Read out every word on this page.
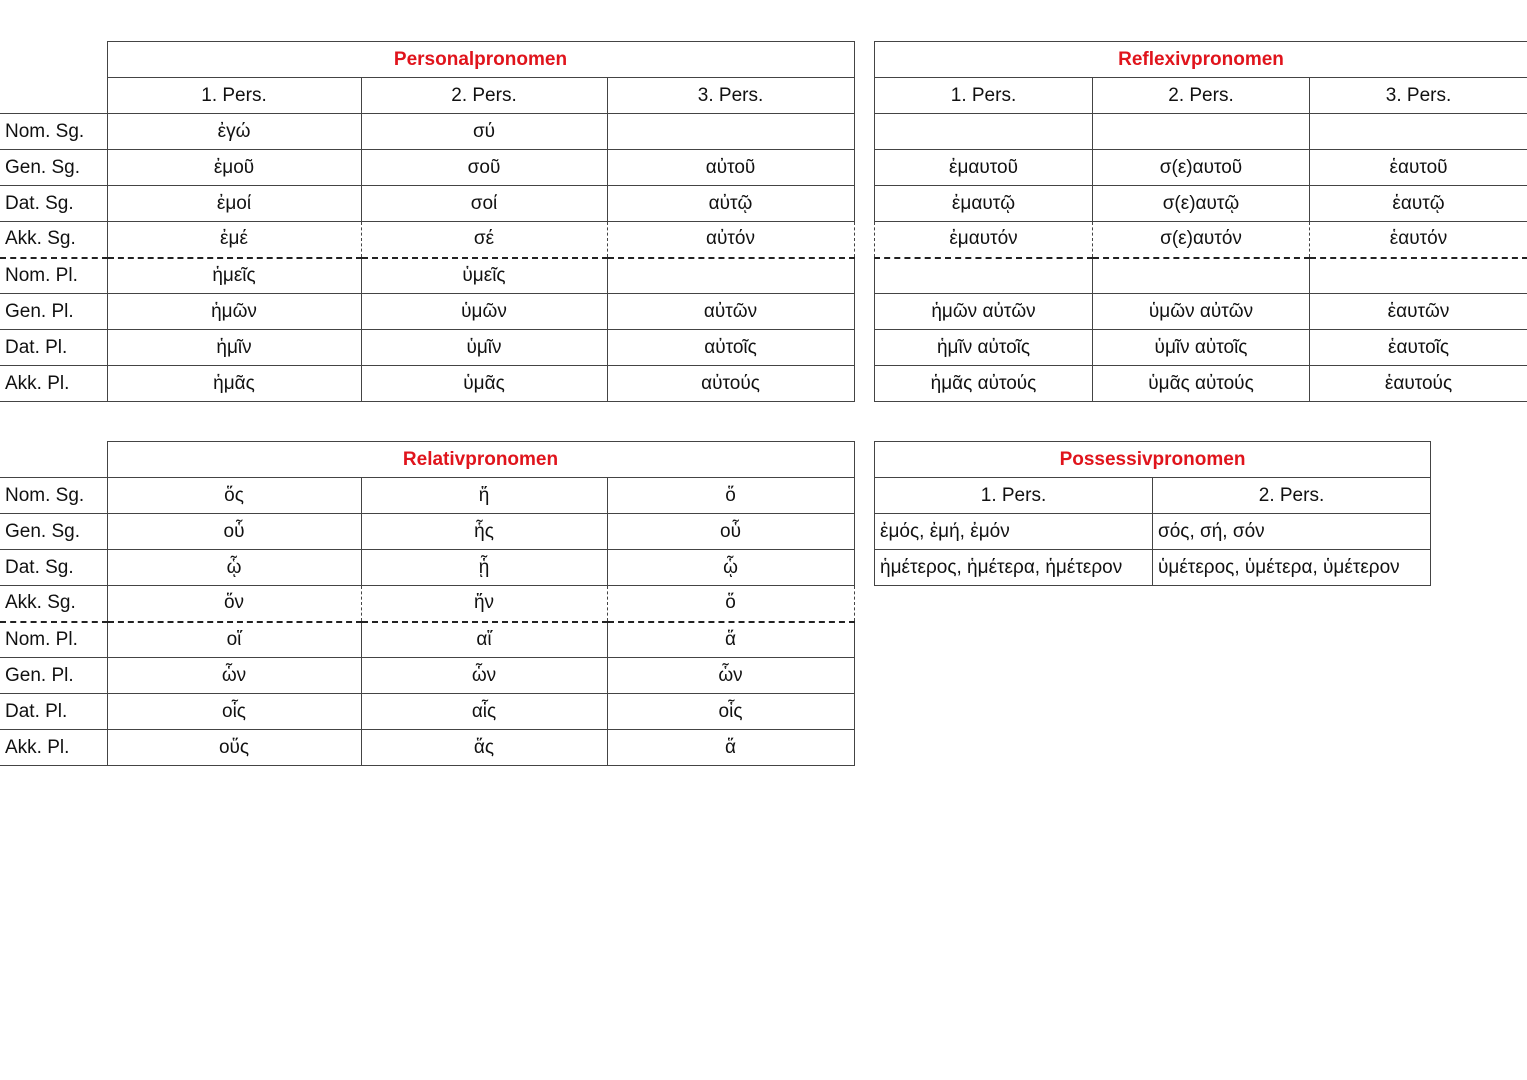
	Personalpronomen		
	1. Pers.	2. Pers.	3. Pers.
Nom. Sg.	ἐγώ	σύ	
Gen. Sg.	ἐμοῦ	σοῦ	αὐτοῦ
Dat. Sg.	ἐμοί	σοί	αὐτῷ
Akk. Sg.	ἐμέ	σέ	αὐτόν
Nom. Pl.	ἡμεῖς	ὑμεῖς	
Gen. Pl.	ἡμῶν	ὑμῶν	αὐτῶν
Dat. Pl.	ἡμῖν	ὑμῖν	αὐτοῖς
Akk. Pl.	ἡμᾶς	ὑμᾶς	αὐτούς
Reflexivpronomen		
1. Pers.	2. Pers.	3. Pers.

ἐμαυτοῦ	σ(ε)αυτοῦ	ἑαυτοῦ
ἐμαυτῷ	σ(ε)αυτῷ	ἑαυτῷ
ἐμαυτόν	σ(ε)αυτόν	ἑαυτόν

ἡμῶν αὐτῶν	ὑμῶν αὐτῶν	ἑαυτῶν
ἡμῖν αὐτοῖς	ὑμῖν αὐτοῖς	ἑαυτοῖς
ἡμᾶς αὐτούς	ὑμᾶς αὐτούς	ἑαυτούς
	Relativpronomen		
Nom. Sg.	ὅς	ἥ	ὅ
Gen. Sg.	οὗ	ἧς	οὗ
Dat. Sg.	ᾧ	ᾗ	ᾧ
Akk. Sg.	ὅν	ἥν	ὅ
Nom. Pl.	οἵ	αἵ	ἅ
Gen. Pl.	ὧν	ὧν	ὧν
Dat. Pl.	οἷς	αἷς	οἷς
Akk. Pl.	οὕς	ἅς	ἅ
Possessivpronomen	
1. Pers.	2. Pers.
ἐμός, ἐμή, ἐμόν	σός, σή, σόν
ἡμέτερος, ἡμέτερα, ἡμέτερον	ὑμέτερος, ὑμέτερα, ὑμέτερον
